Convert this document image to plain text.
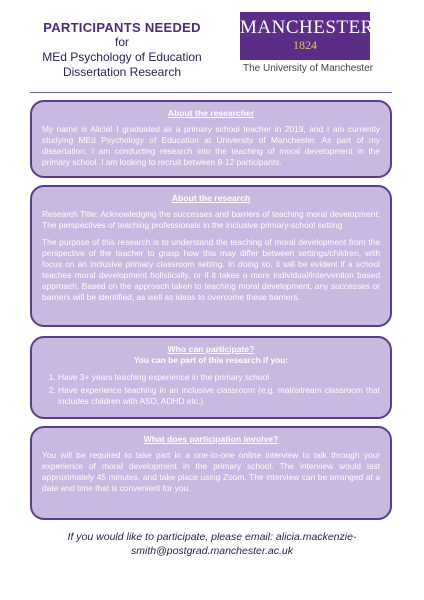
PARTICIPANTS NEEDED
for
MEd Psychology of Education
Dissertation Research
MANCHESTER
1824
The University of Manchester
About the researcher

My name is Alicia! I graduated as a primary school teacher in 2019, and I am currently studying MEd Psychology of Education at University of Manchester. As part of my dissertation, I am conducting research into the teaching of moral development in the primary school. I am looking to recruit between 8-12 participants.

About the research

Research Title: Acknowledging the successes and barriers of teaching moral development: The perspectives of teaching professionals in the inclusive primary-school setting

The purpose of this research is to understand the teaching of moral development from the perspective of the teacher to grasp how this may differ between settings/children, with focus on an inclusive primary classroom setting. In doing so, it will be evident if a school teaches moral development holistically, or if it takes a more individual/intervention based approach. Based on the approach taken to teaching moral development, any successes or barriers will be identified, as well as ideas to overcome these barriers.

Who can participate?
You can be part of this research if you:
1. Have 3+ years teaching experience in the primary school
2. Have experience teaching in an inclusive classroom (e.g. mainstream classroom that includes children with ASD, ADHD etc.)
What does participation involve?

You will be required to take part in a one-to-one online interview to talk through your experience of moral development in the primary school. The interview would last approximately 45 minutes, and take place using Zoom. The interview can be arranged at a date and time that is convenient for you.

If you would like to participate, please email: alicia.mackenzie-smith@postgrad.manchester.ac.uk
